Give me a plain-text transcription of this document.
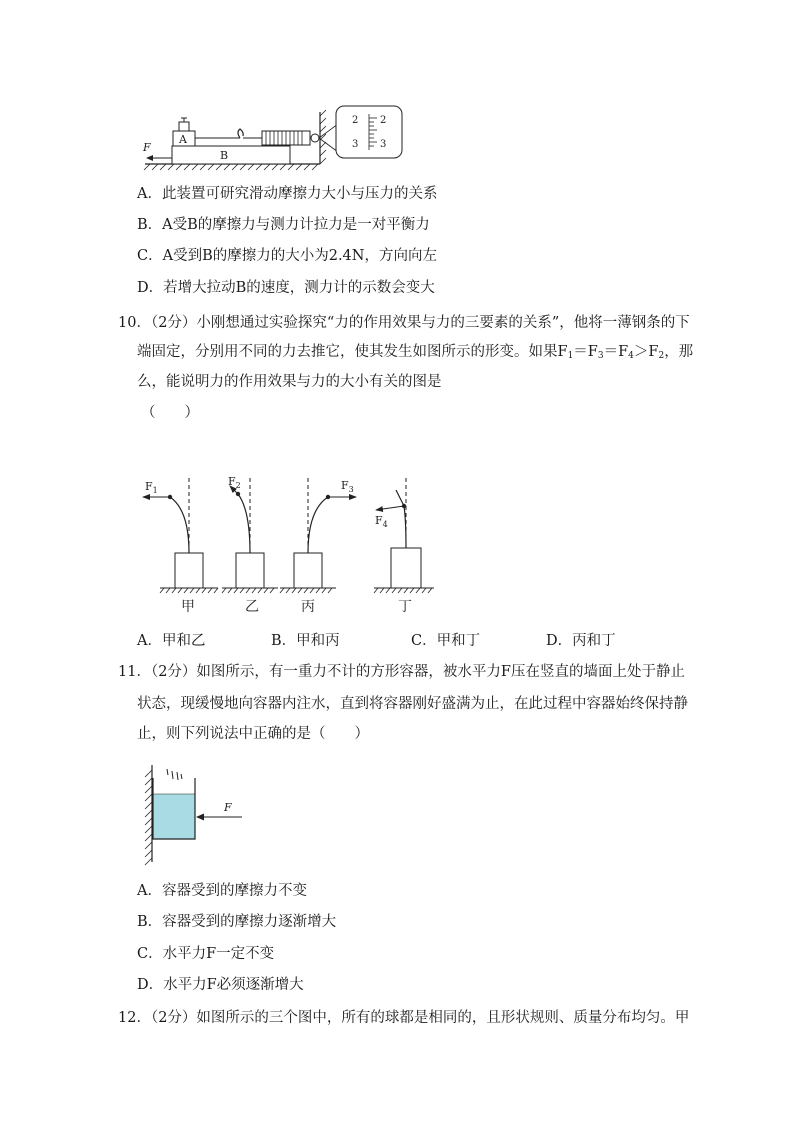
2
2
3
3
F
A
B
A．此装置可研究滑动摩擦力大小与压力的关系
B．A受B的摩擦力与测力计拉力是一对平衡力
C．A受到B的摩擦力的大小为2.4N，方向向左
D．若增大拉动B的速度，测力计的示数会变大
10．（2分）小刚想通过实验探究“力的作用效果与力的三要素的关系”，他将一薄钢条的下
端固定，分别用不同的力去推它，使其发生如图所示的形变。如果$F_1=F_3=F_4>F_2$，那
么，能说明力的作用效果与力的大小有关的图是
（　　）
$F_1$
$F_2$	$F_3$
$F_4$
甲	乙	丙	丁
A．甲和乙	B．甲和丙	C．甲和丁	D．丙和丁
11．（2分）如图所示，有一重力不计的方形容器，被水平力F压在竖直的墙面上处于静止
状态，现缓慢地向容器内注水，直到将容器刚好盛满为止，在此过程中容器始终保持静
止，则下列说法中正确的是（　　）
F
A．容器受到的摩擦力不变
B．容器受到的摩擦力逐渐增大
C．水平力F一定不变
D．水平力F必须逐渐增大
12．（2分）如图所示的三个图中，所有的球都是相同的，且形状规则、质量分布均匀。甲
